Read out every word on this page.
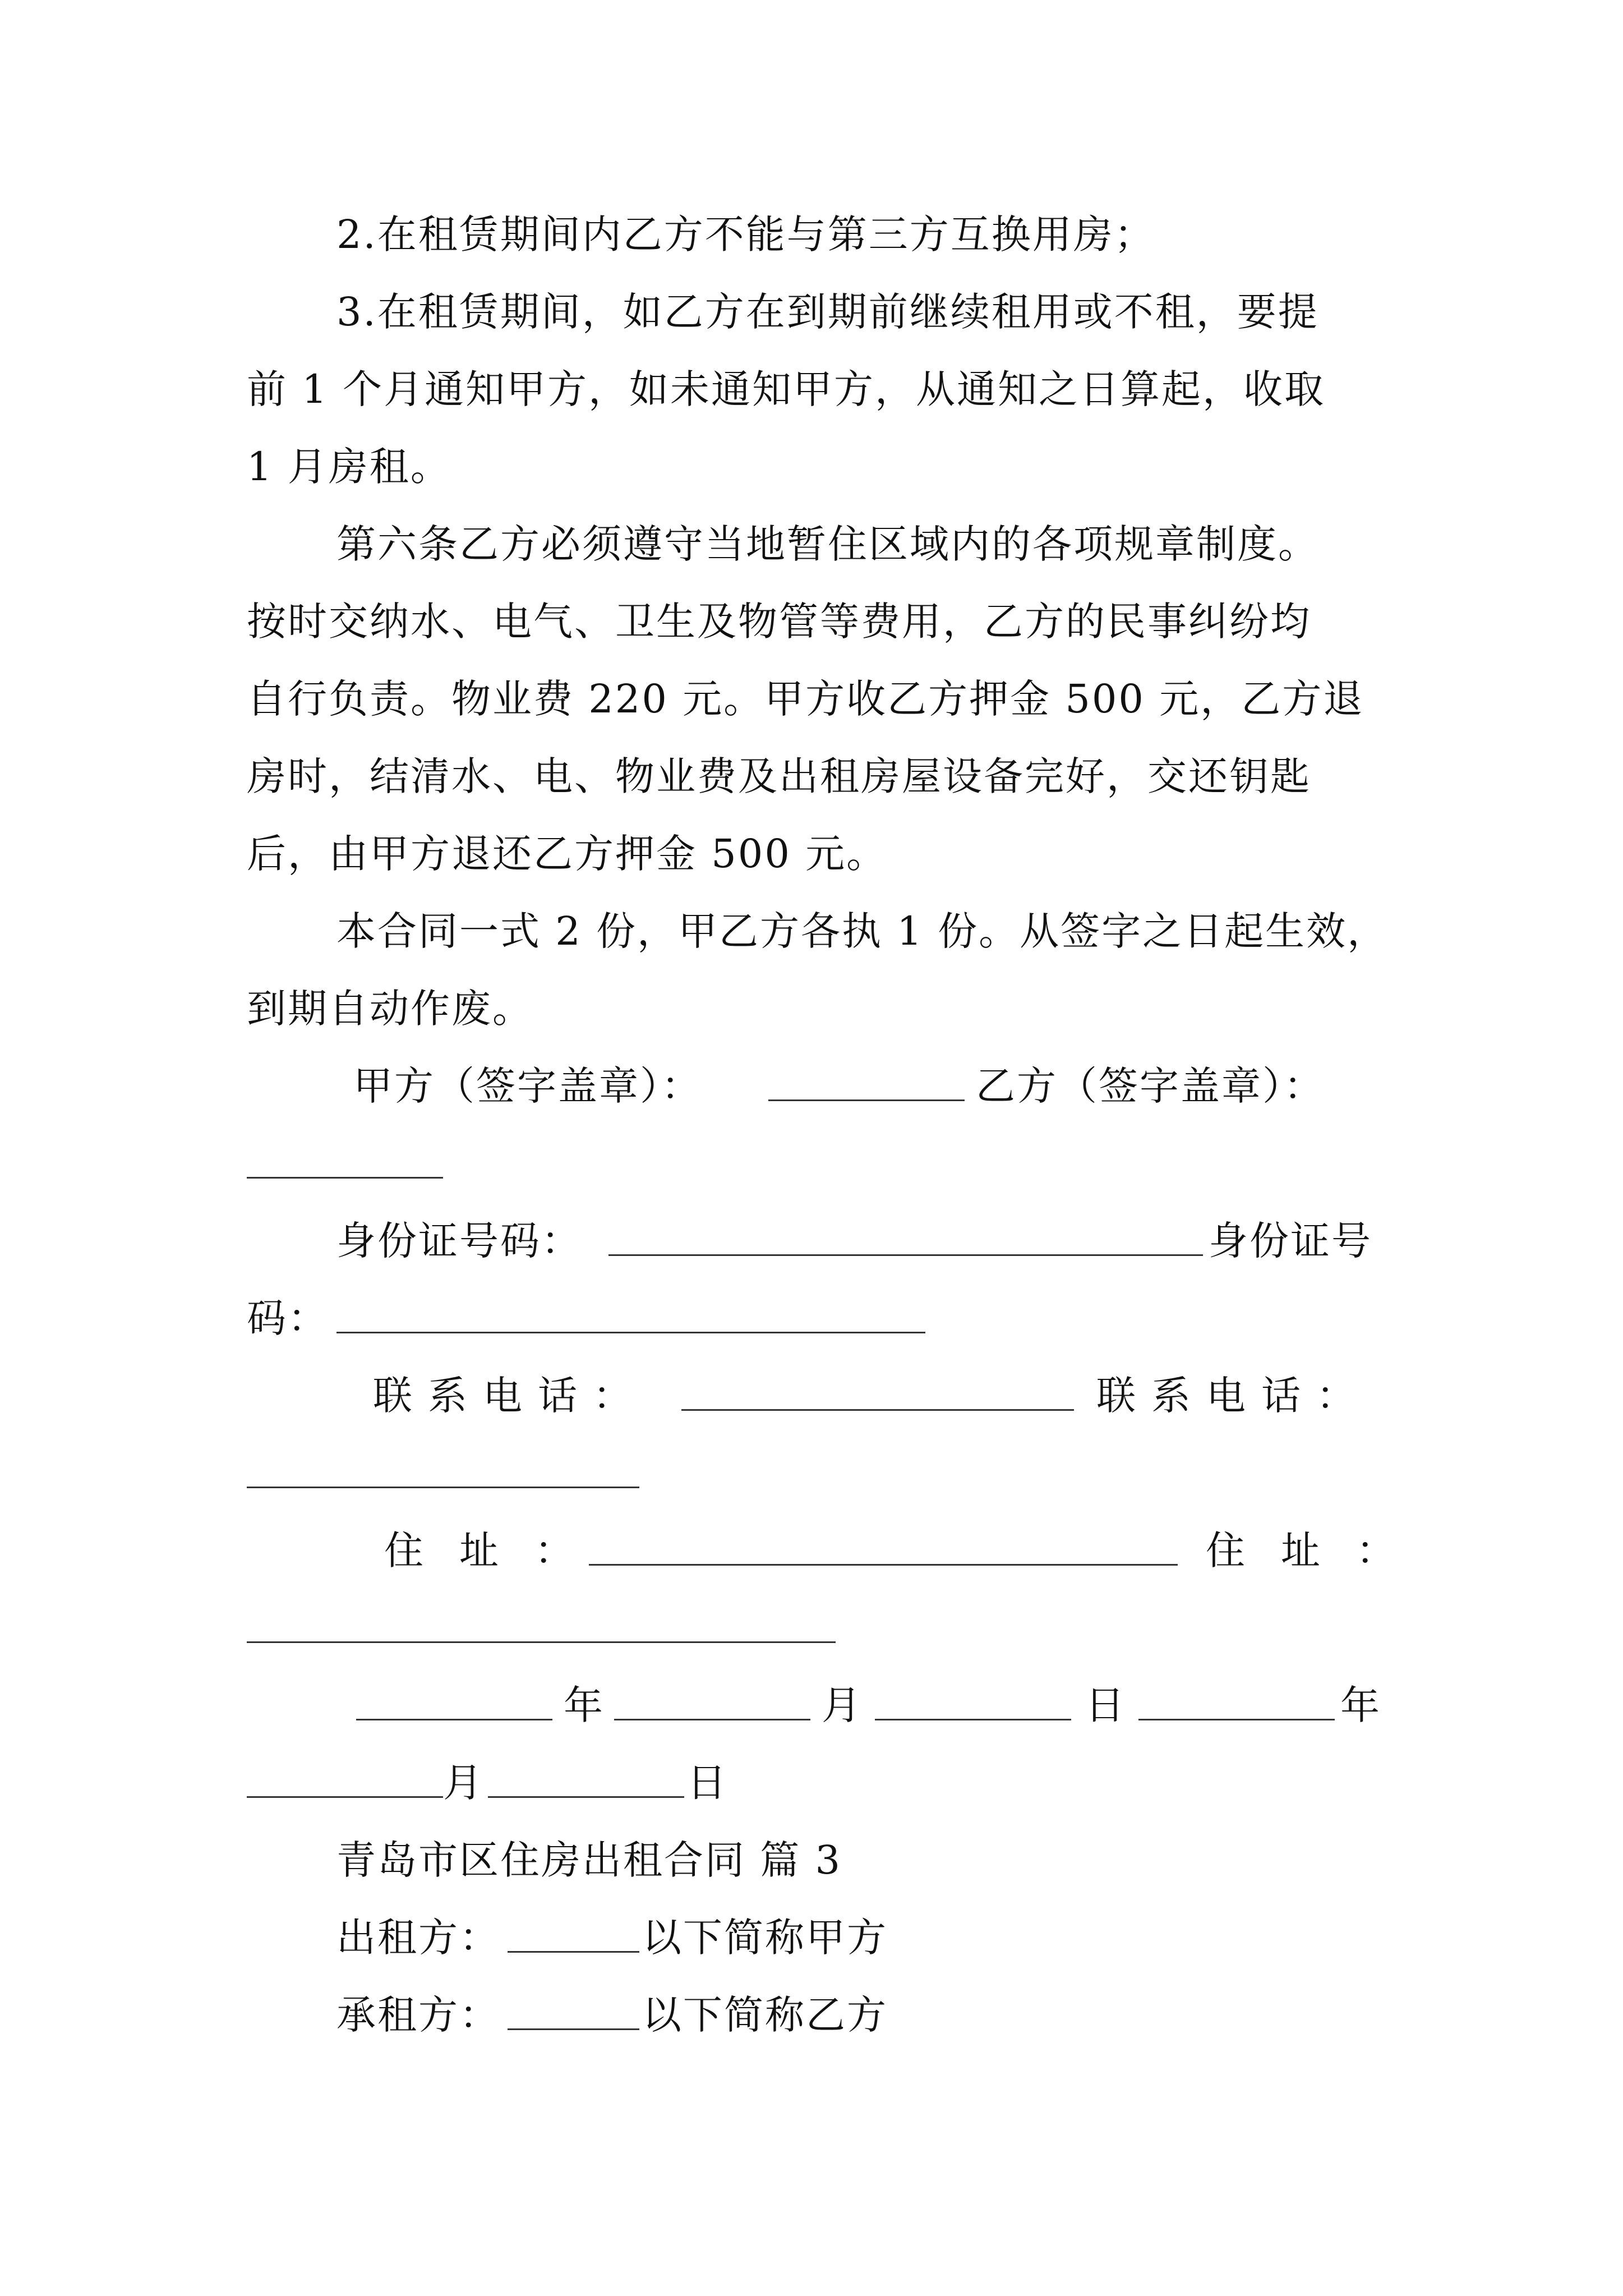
2.在租赁期间内乙方不能与第三方互换用房；
3.在租赁期间，如乙方在到期前继续租用或不租，要提
前 1 个月通知甲方，如未通知甲方，从通知之日算起，收取
1 月房租。
第六条乙方必须遵守当地暂住区域内的各项规章制度。
按时交纳水、电气、卫生及物管等费用，乙方的民事纠纷均
自行负责。物业费 220 元。甲方收乙方押金 500 元，乙方退
房时，结清水、电、物业费及出租房屋设备完好，交还钥匙
后，由甲方退还乙方押金 500 元。
本合同一式 2 份，甲乙方各执 1 份。从签字之日起生效，
到期自动作废。
甲方（签字盖章）：	乙方（签字盖章）：
身份证号码：	身份证号
码：
联系电话：	联系电话：
住址：	住址：
年	月	日	年
月	日
青岛市区住房出租合同 篇 3
出租方：	以下简称甲方
承租方：	以下简称乙方
